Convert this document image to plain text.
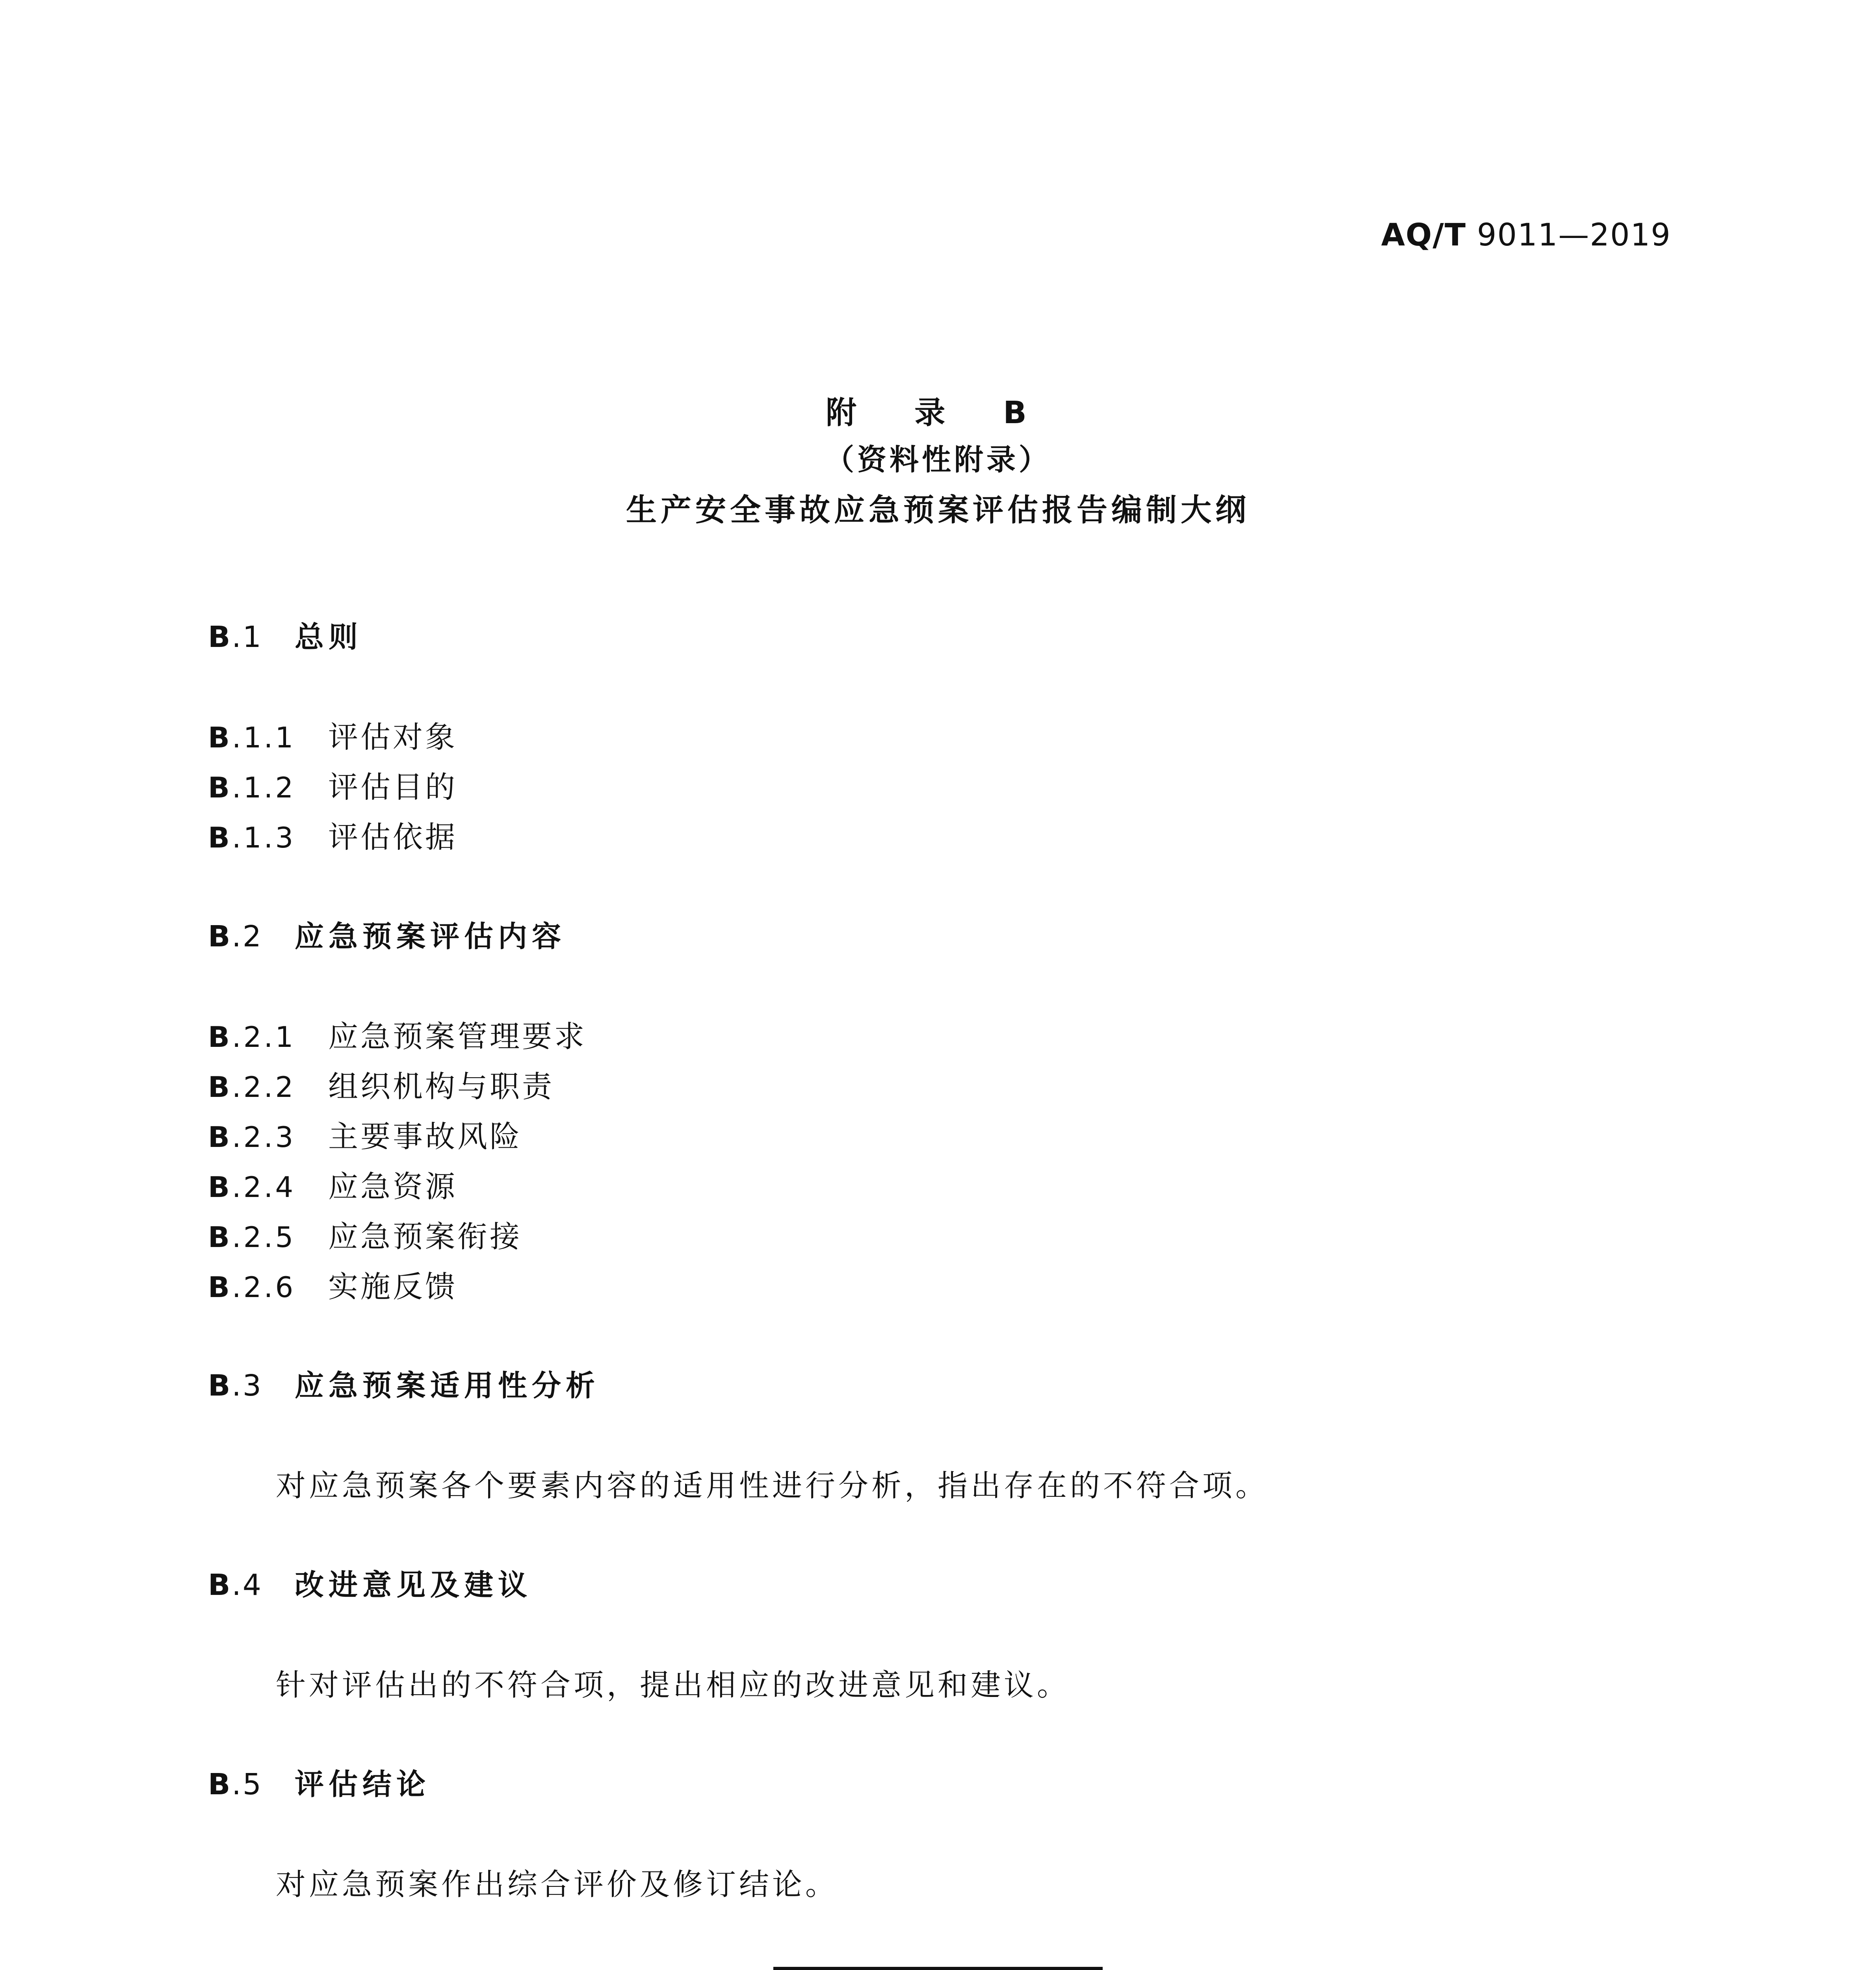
AQ/T 9011—2019
附 录 B
（资料性附录）
生产安全事故应急预案评估报告编制大纲
B.1 总则
B.1.1 评估对象
B.1.2 评估目的
B.1.3 评估依据
B.2 应急预案评估内容
B.2.1 应急预案管理要求
B.2.2 组织机构与职责
B.2.3 主要事故风险
B.2.4 应急资源
B.2.5 应急预案衔接
B.2.6 实施反馈
B.3 应急预案适用性分析
对应急预案各个要素内容的适用性进行分析，指出存在的不符合项。
B.4 改进意见及建议
针对评估出的不符合项，提出相应的改进意见和建议。
B.5 评估结论
对应急预案作出综合评价及修订结论。
